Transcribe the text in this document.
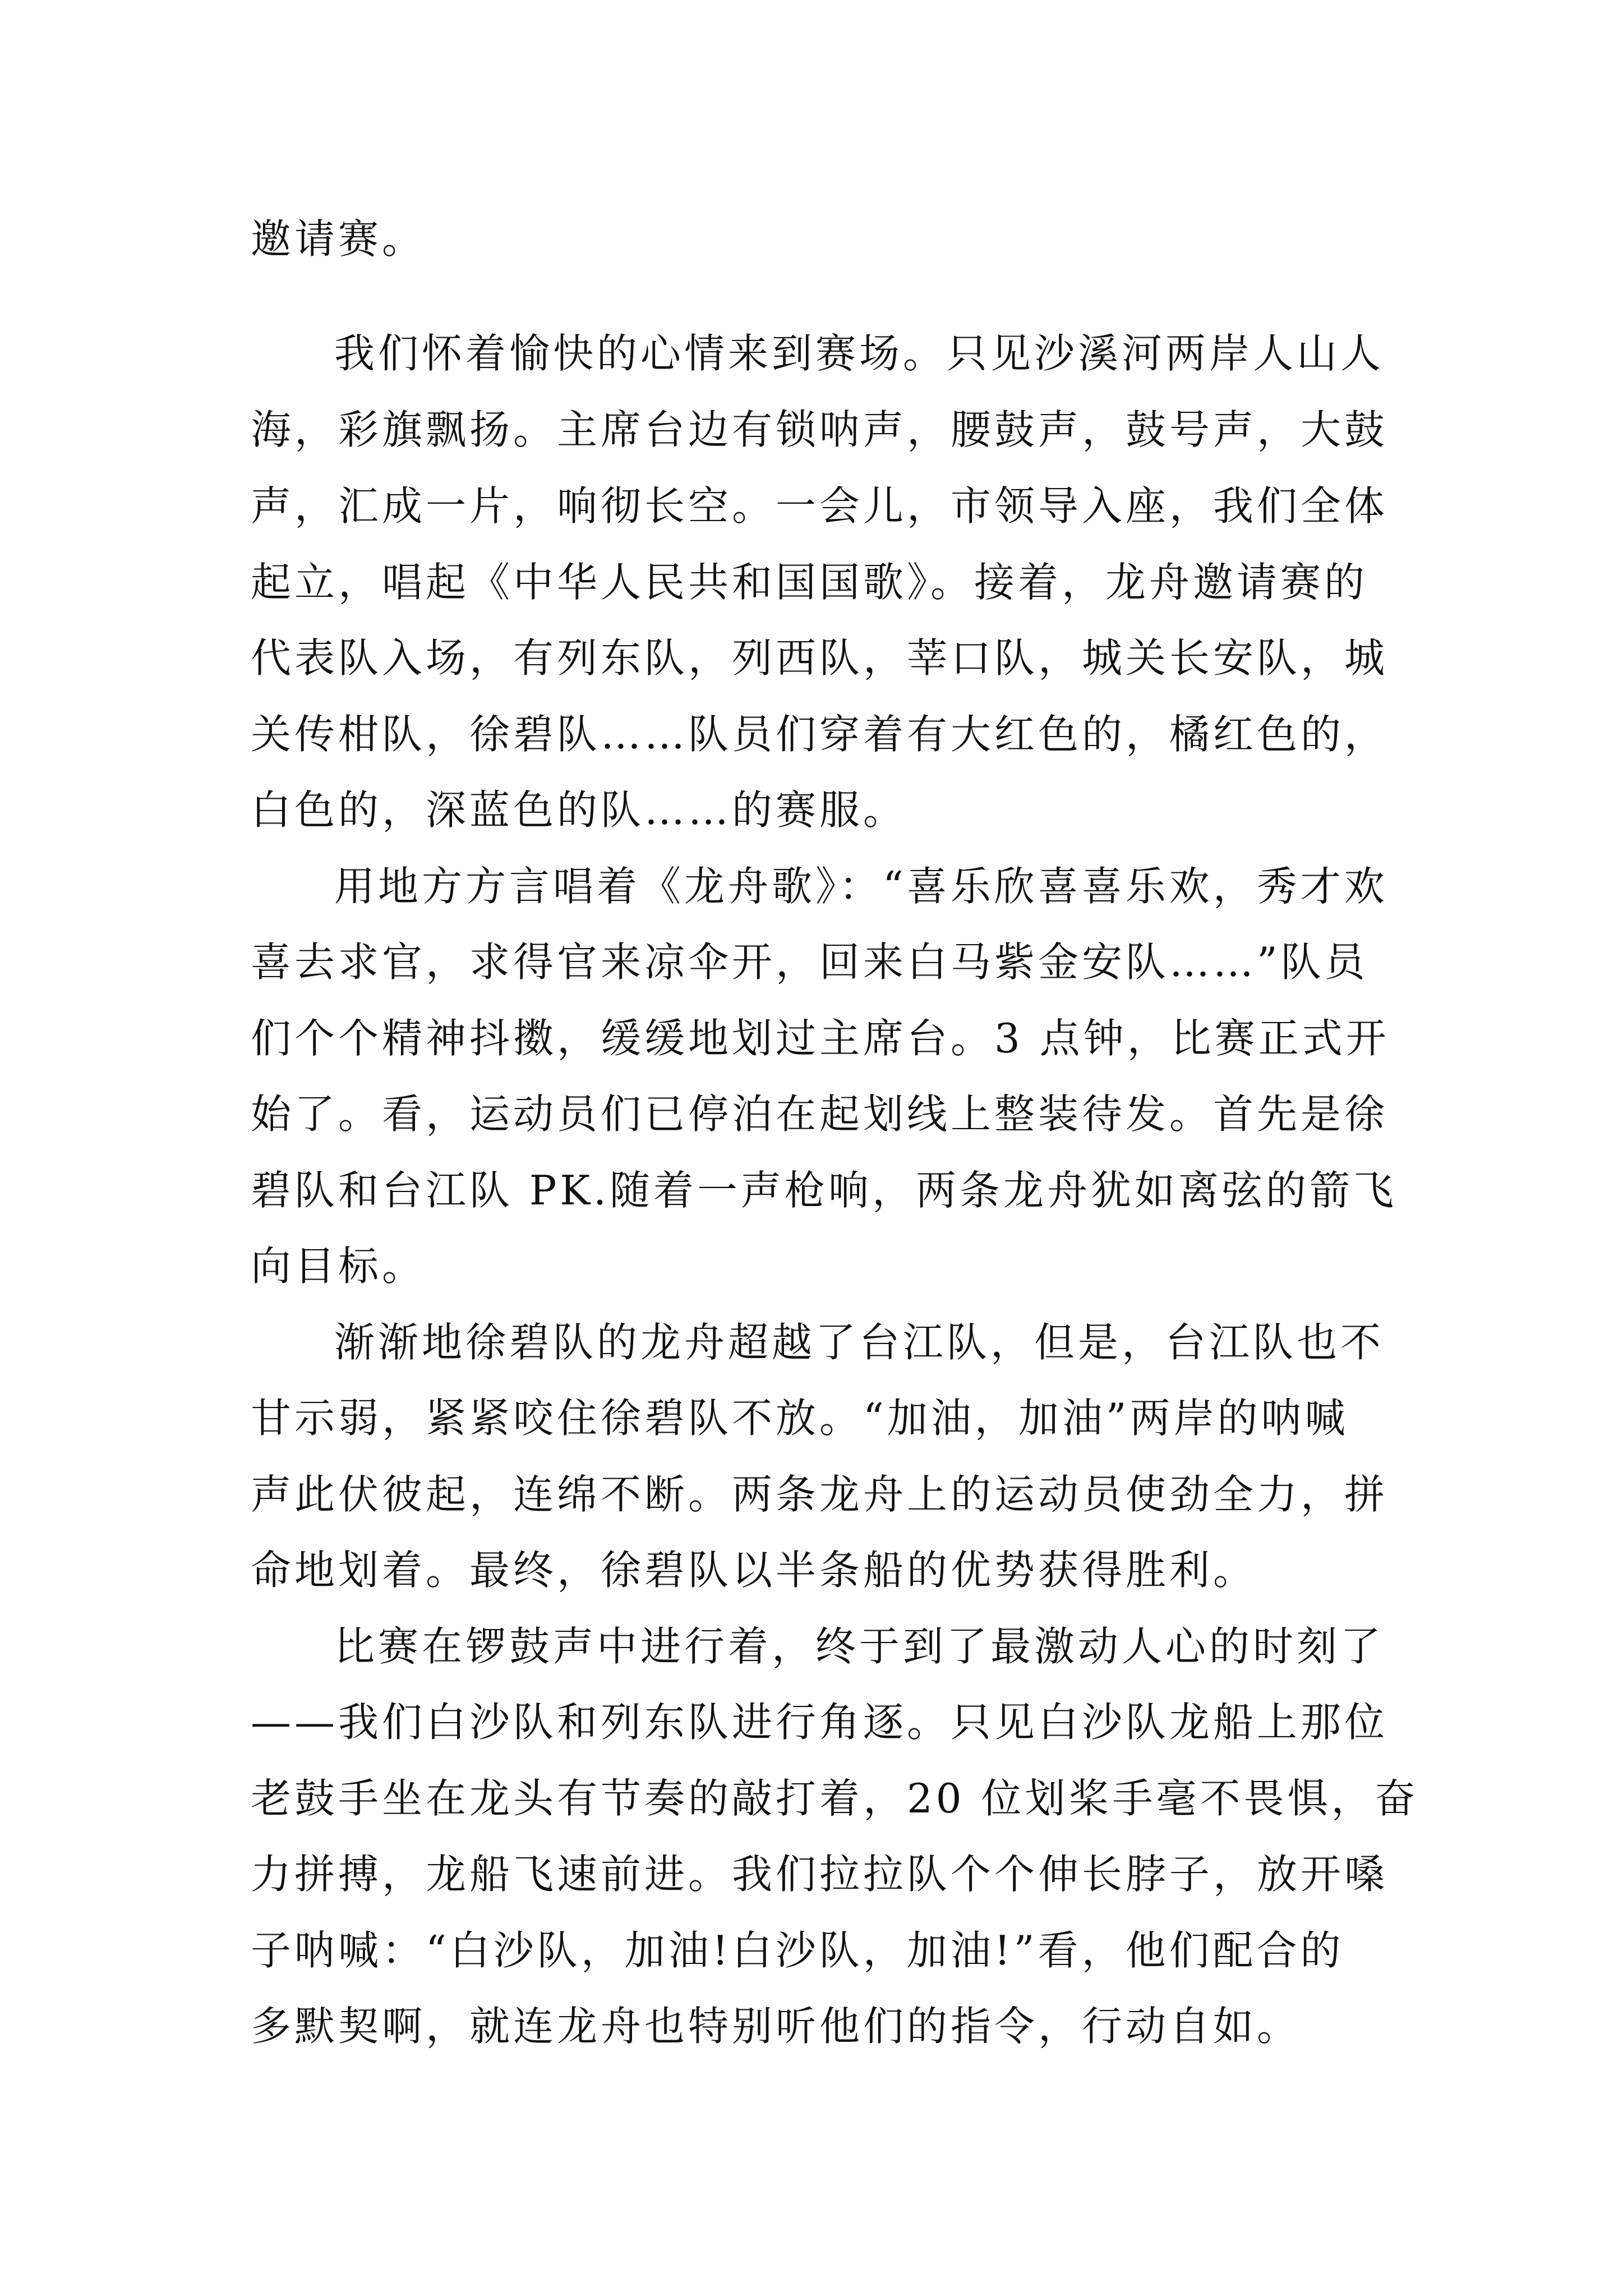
邀请赛。
我们怀着愉快的心情来到赛场。只见沙溪河两岸人山人
海，彩旗飘扬。主席台边有锁呐声，腰鼓声，鼓号声，大鼓
声，汇成一片，响彻长空。一会儿，市领导入座，我们全体
起立，唱起《中华人民共和国国歌》。接着，龙舟邀请赛的
代表队入场，有列东队，列西队，莘口队，城关长安队，城
关传柑队，徐碧队……队员们穿着有大红色的，橘红色的，
白色的，深蓝色的队……的赛服。
用地方方言唱着《龙舟歌》：“喜乐欣喜喜乐欢，秀才欢
喜去求官，求得官来凉伞开，回来白马紫金安队……”队员
们个个精神抖擞，缓缓地划过主席台。3 点钟，比赛正式开
始了。看，运动员们已停泊在起划线上整装待发。首先是徐
碧队和台江队 PK.随着一声枪响，两条龙舟犹如离弦的箭飞
向目标。
渐渐地徐碧队的龙舟超越了台江队，但是，台江队也不
甘示弱，紧紧咬住徐碧队不放。“加油，加油”两岸的呐喊
声此伏彼起，连绵不断。两条龙舟上的运动员使劲全力，拼
命地划着。最终，徐碧队以半条船的优势获得胜利。
比赛在锣鼓声中进行着，终于到了最激动人心的时刻了
——我们白沙队和列东队进行角逐。只见白沙队龙船上那位
老鼓手坐在龙头有节奏的敲打着，20 位划桨手毫不畏惧，奋
力拼搏，龙船飞速前进。我们拉拉队个个伸长脖子，放开嗓
子呐喊：“白沙队，加油!白沙队，加油!”看，他们配合的
多默契啊，就连龙舟也特别听他们的指令，行动自如。
